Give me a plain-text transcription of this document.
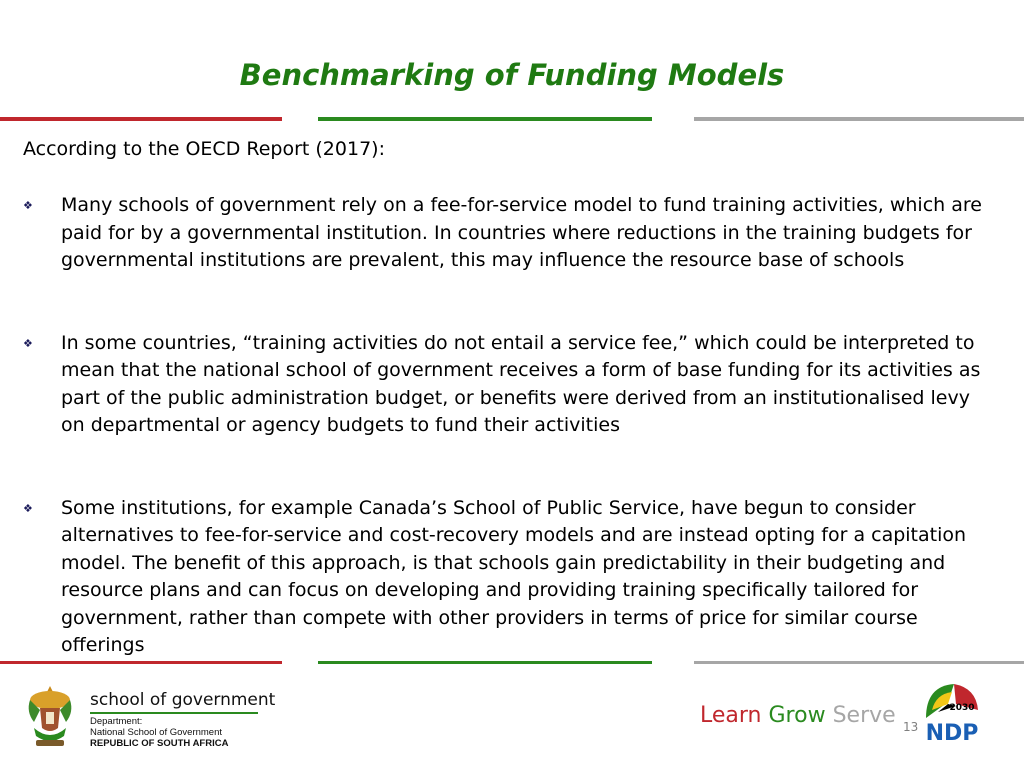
Benchmarking of Funding Models

According to the OECD Report (2017):

❖ Many schools of government rely on a fee-for-service model to fund training activities, which are paid for by a governmental institution. In countries where reductions in the training budgets for governmental institutions are prevalent, this may influence the resource base of schools
❖ In some countries, “training activities do not entail a service fee,” which could be interpreted to mean that the national school of government receives a form of base funding for its activities as part of the public administration budget, or benefits were derived from an institutionalised levy on departmental or agency budgets to fund their activities
❖ Some institutions, for example Canada’s School of Public Service, have begun to consider alternatives to fee-for-service and cost-recovery models and are instead opting for a capitation model. The benefit of this approach, is that schools gain predictability in their budgeting and resource plans and can focus on developing and providing training specifically tailored for government, rather than compete with other providers in terms of price for similar course offerings

school of government

Department:
National School of Government
REPUBLIC OF SOUTH AFRICA
Learn Grow Serve 13
2030
NDP
